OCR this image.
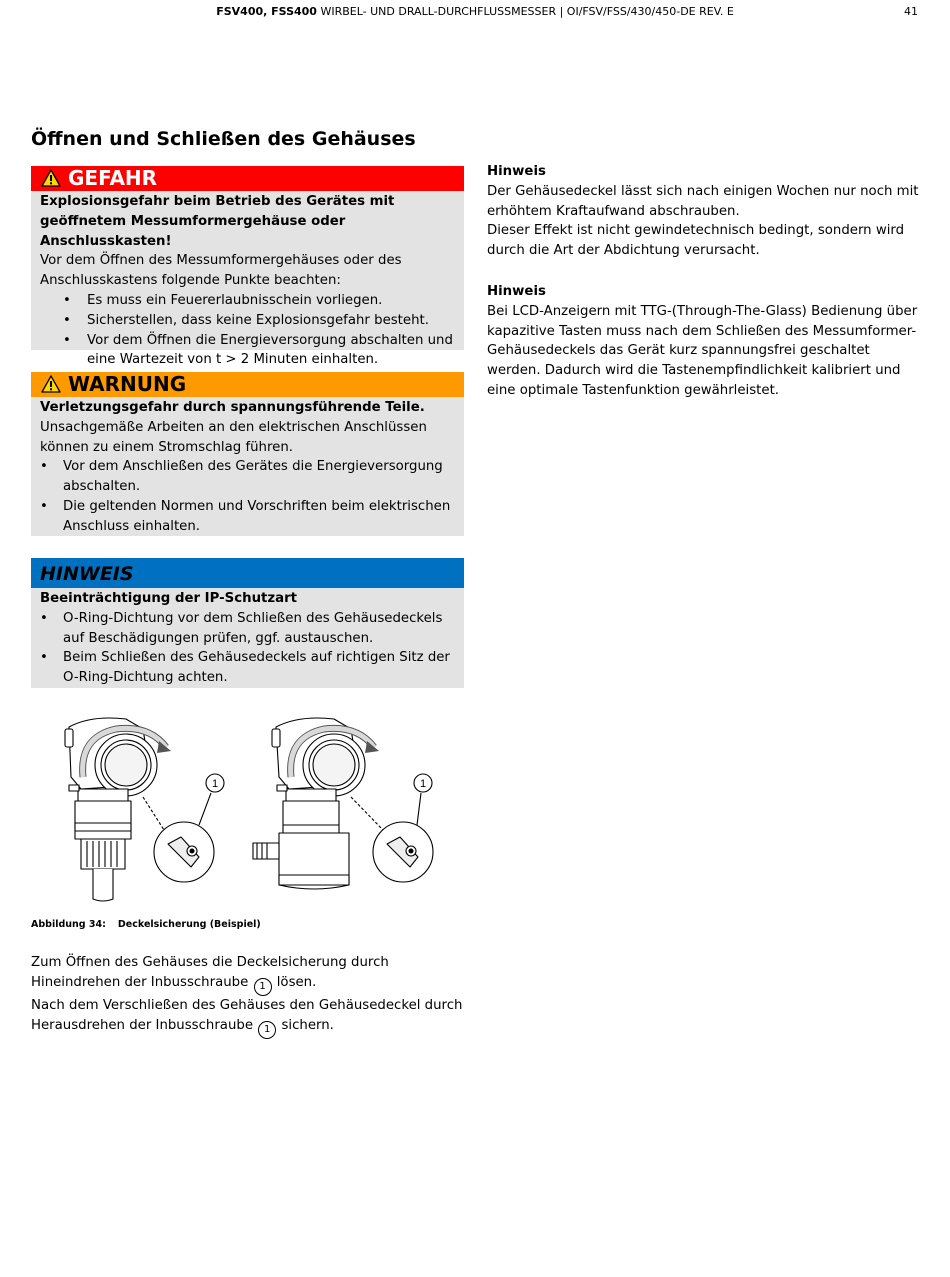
FSV400, FSS400 WIRBEL- UND DRALL-DURCHFLUSSMESSER | OI/FSV/FSS/430/450-DE REV. E	41
Öffnen und Schließen des Gehäuses
GEFAHR
Explosionsgefahr beim Betrieb des Gerätes mit geöffnetem Messumformergehäuse oder Anschlusskasten!
Vor dem Öffnen des Messumformergehäuses oder des Anschlusskastens folgende Punkte beachten:
• Es muss ein Feuererlaubnisschein vorliegen.
• Sicherstellen, dass keine Explosionsgefahr besteht.
• Vor dem Öffnen die Energieversorgung abschalten und eine Wartezeit von t > 2 Minuten einhalten.
WARNUNG
Verletzungsgefahr durch spannungsführende Teile.
Unsachgemäße Arbeiten an den elektrischen Anschlüssen können zu einem Stromschlag führen.
• Vor dem Anschließen des Gerätes die Energieversorgung abschalten.
• Die geltenden Normen und Vorschriften beim elektrischen Anschluss einhalten.
HINWEIS
Beeinträchtigung der IP-Schutzart
• O-Ring-Dichtung vor dem Schließen des Gehäusedeckels auf Beschädigungen prüfen, ggf. austauschen.
• Beim Schließen des Gehäusedeckels auf richtigen Sitz der O-Ring-Dichtung achten.
1	1
Abbildung 34: Deckelsicherung (Beispiel)
Zum Öffnen des Gehäuses die Deckelsicherung durch
Hineindrehen der Inbusschraube 1 lösen.
Nach dem Verschließen des Gehäuses den Gehäusedeckel durch
Herausdrehen der Inbusschraube 1 sichern.
Hinweis
Der Gehäusedeckel lässt sich nach einigen Wochen nur noch mit erhöhtem Kraftaufwand abschrauben.
Dieser Effekt ist nicht gewindetechnisch bedingt, sondern wird durch die Art der Abdichtung verursacht.
Hinweis
Bei LCD-Anzeigern mit TTG-(Through-The-Glass) Bedienung über kapazitive Tasten muss nach dem Schließen des Messumformer-Gehäusedeckels das Gerät kurz spannungsfrei geschaltet werden. Dadurch wird die Tastenempfindlichkeit kalibriert und eine optimale Tastenfunktion gewährleistet.
